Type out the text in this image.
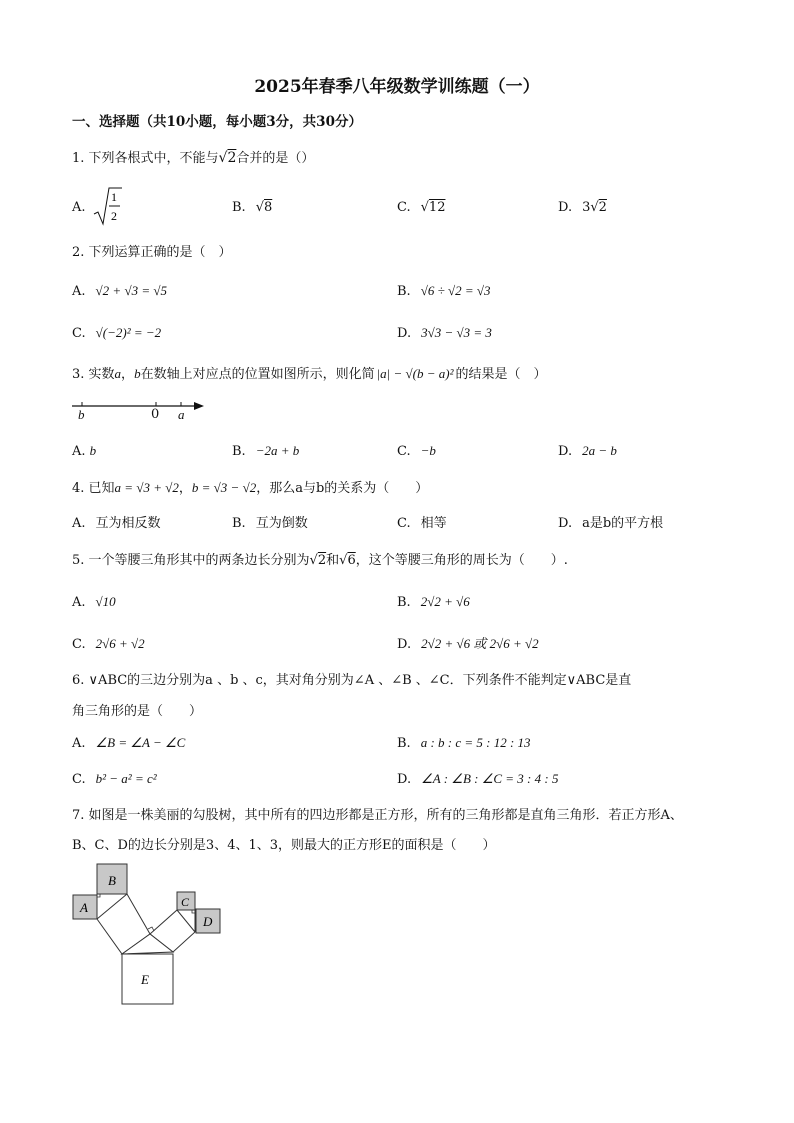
2025年春季八年级数学训练题（一）
一、选择题（共10小题，每小题3分，共30分）
1. 下列各根式中，不能与√2合并的是（）
A.
1
2
B. √8	C. √12	D. 3√2
2. 下列运算正确的是（　）
A. √2 + √3 = √5	B. √6 ÷ √2 = √3
C. √(−2)² = −2	D. 3√3 − √3 = 3
3. 实数a，b在数轴上对应点的位置如图所示，则化简 |a| − √(b − a)² 的结果是（　）
b	0 a
A. b	B. −2a + b	C. −b	D. 2a − b
4. 已知a = √3 + √2，b = √3 − √2，那么a与b的关系为（　　）
A. 互为相反数	B. 互为倒数	C. 相等	D. a是b的平方根
5. 一个等腰三角形其中的两条边长分别为√2和√6，这个等腰三角形的周长为（　　）.
A. √10	B. 2√2 + √6
C. 2√6 + √2	D. 2√2 + √6 或 2√6 + √2
6. ∨ABC的三边分别为a 、b 、c，其对角分别为∠A 、∠B 、∠C．下列条件不能判定∨ABC是直
角三角形的是（　　）
A. ∠B = ∠A − ∠C	B. a : b : c = 5 : 12 : 13
C. b² − a² = c²	D. ∠A : ∠B : ∠C = 3 : 4 : 5
7. 如图是一株美丽的勾股树，其中所有的四边形都是正方形，所有的三角形都是直角三角形．若正方形A、
B、C、D的边长分别是3、4、1、3，则最大的正方形E的面积是（　　）
B
A	C
D
E
